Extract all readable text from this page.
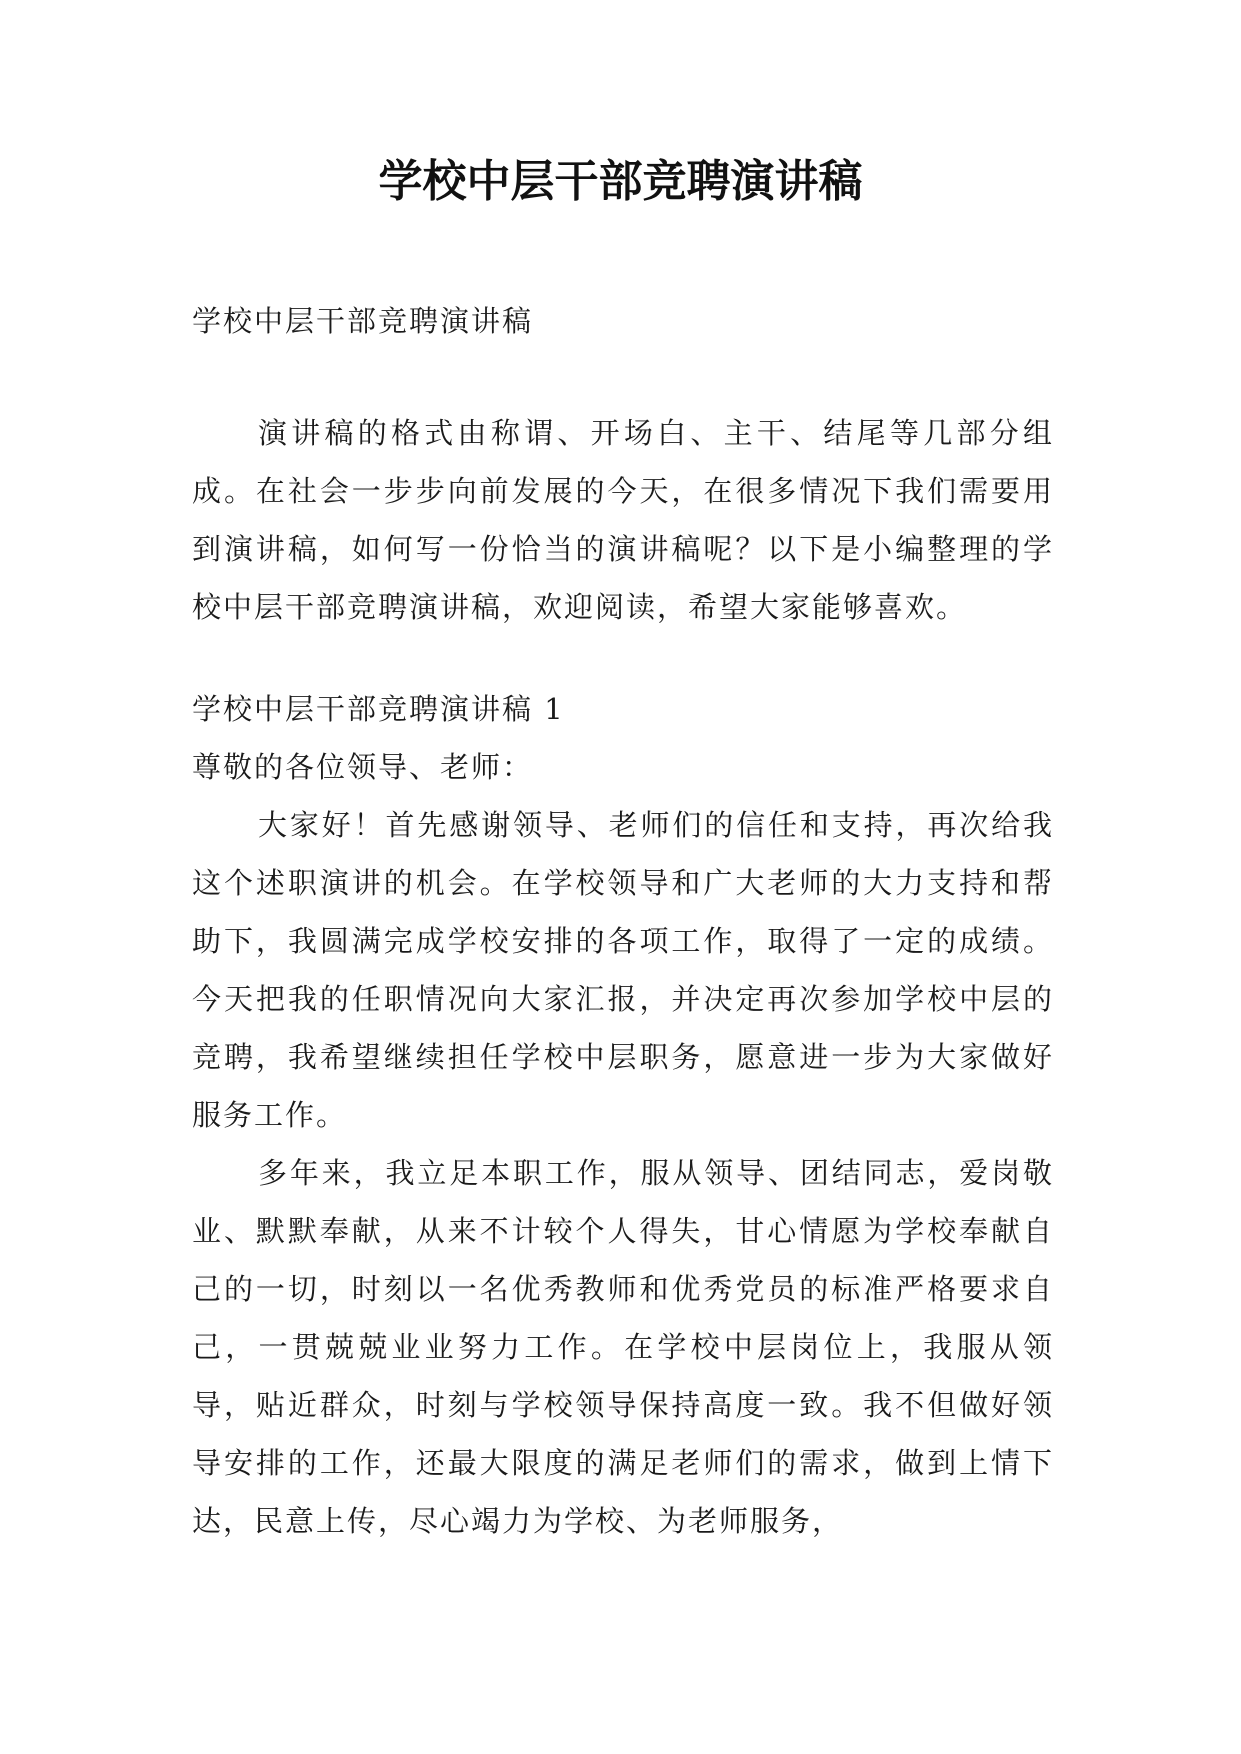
学校中层干部竞聘演讲稿

学校中层干部竞聘演讲稿

演讲稿的格式由称谓、开场白、主干、结尾等几部分组成。在社会一步步向前发展的今天，在很多情况下我们需要用到演讲稿，如何写一份恰当的演讲稿呢？以下是小编整理的学校中层干部竞聘演讲稿，欢迎阅读，希望大家能够喜欢。

学校中层干部竞聘演讲稿 1

尊敬的各位领导、老师：

大家好！首先感谢领导、老师们的信任和支持，再次给我这个述职演讲的机会。在学校领导和广大老师的大力支持和帮助下，我圆满完成学校安排的各项工作，取得了一定的成绩。今天把我的任职情况向大家汇报，并决定再次参加学校中层的竞聘，我希望继续担任学校中层职务，愿意进一步为大家做好服务工作。

多年来，我立足本职工作，服从领导、团结同志，爱岗敬业、默默奉献，从来不计较个人得失，甘心情愿为学校奉献自己的一切，时刻以一名优秀教师和优秀党员的标准严格要求自己，一贯兢兢业业努力工作。在学校中层岗位上，我服从领导，贴近群众，时刻与学校领导保持高度一致。我不但做好领导安排的工作，还最大限度的满足老师们的需求，做到上情下达，民意上传，尽心竭力为学校、为老师服务，
